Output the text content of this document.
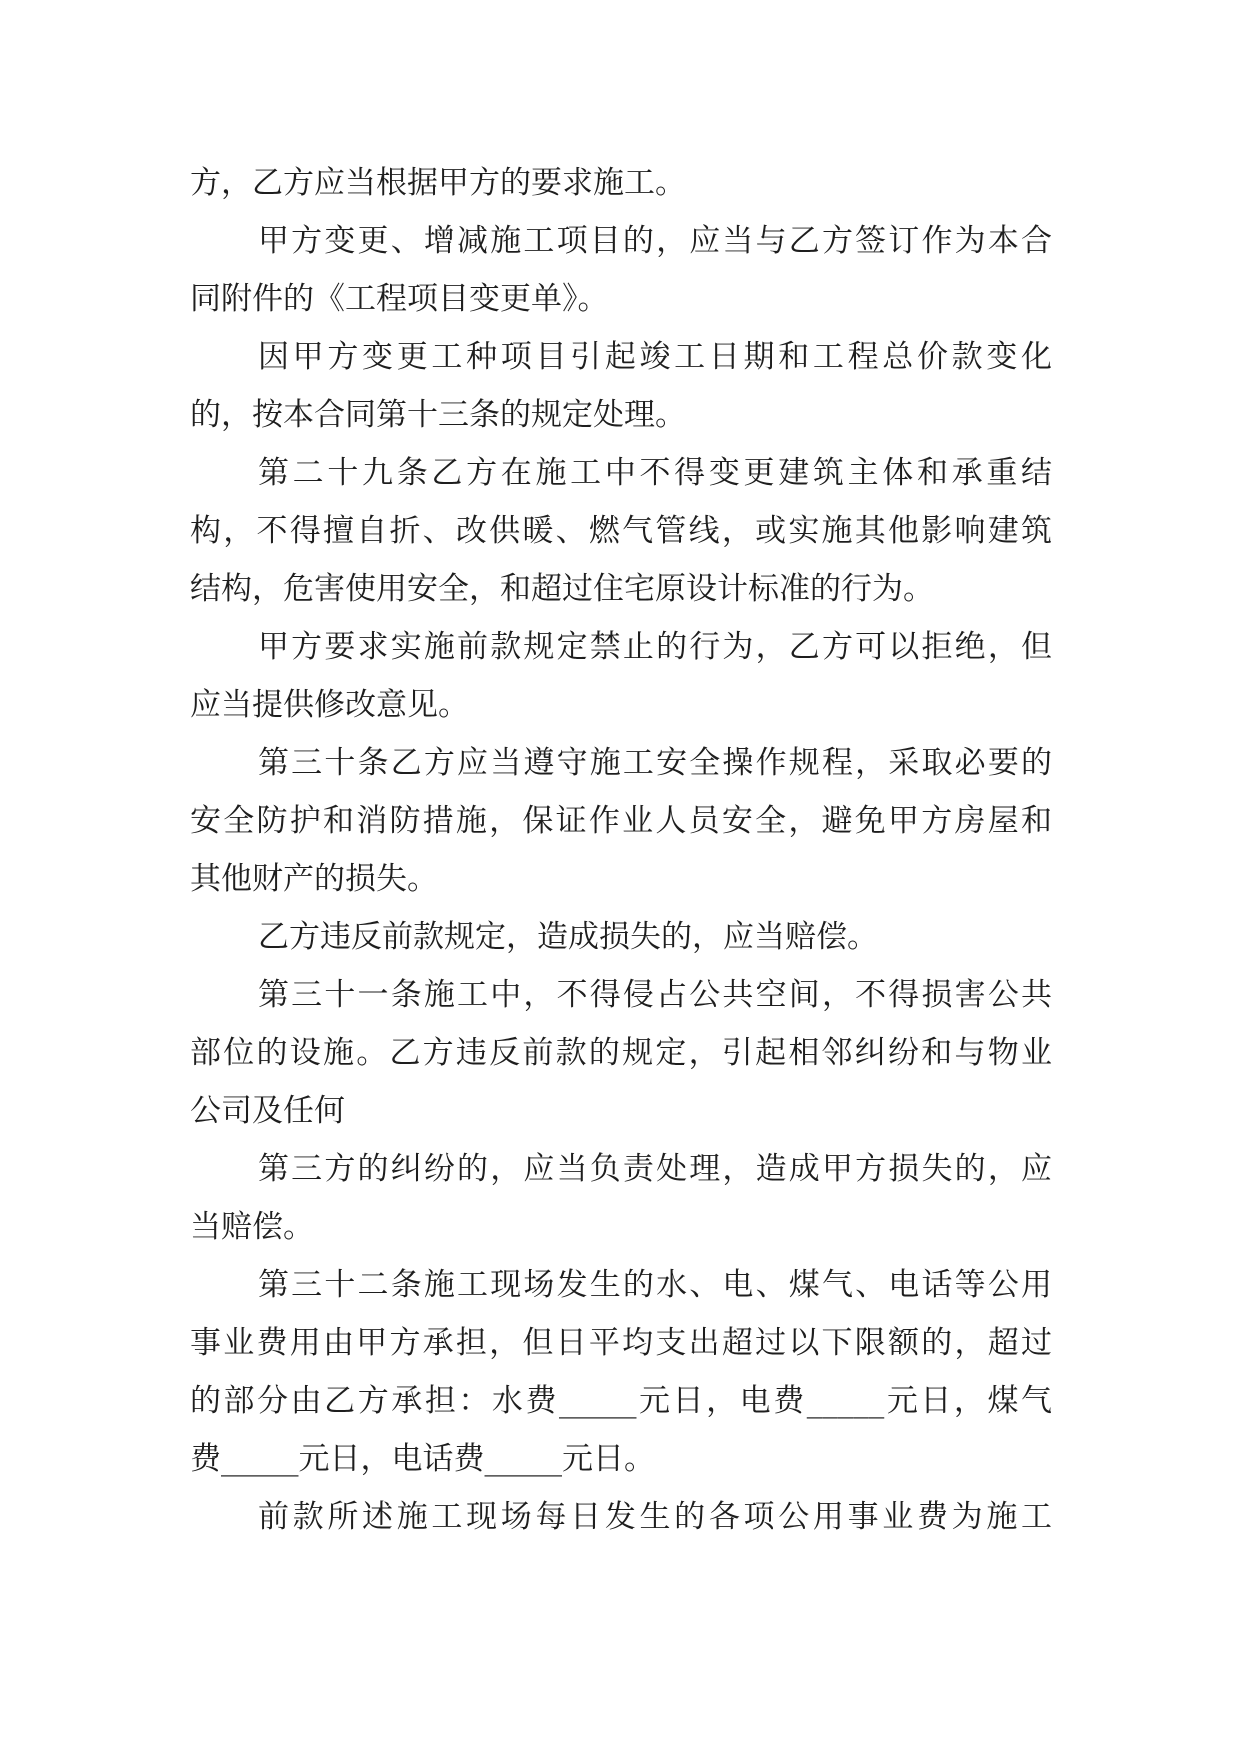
方，乙方应当根据甲方的要求施工。
甲方变更、增减施工项目的，应当与乙方签订作为本合
同附件的《工程项目变更单》。
因甲方变更工种项目引起竣工日期和工程总价款变化
的，按本合同第十三条的规定处理。
第二十九条乙方在施工中不得变更建筑主体和承重结
构，不得擅自折、改供暖、燃气管线，或实施其他影响建筑
结构，危害使用安全，和超过住宅原设计标准的行为。
甲方要求实施前款规定禁止的行为，乙方可以拒绝，但
应当提供修改意见。
第三十条乙方应当遵守施工安全操作规程，采取必要的
安全防护和消防措施，保证作业人员安全，避免甲方房屋和
其他财产的损失。
乙方违反前款规定，造成损失的，应当赔偿。
第三十一条施工中，不得侵占公共空间，不得损害公共
部位的设施。乙方违反前款的规定，引起相邻纠纷和与物业
公司及任何
第三方的纠纷的，应当负责处理，造成甲方损失的，应
当赔偿。
第三十二条施工现场发生的水、电、煤气、电话等公用
事业费用由甲方承担，但日平均支出超过以下限额的，超过
的部分由乙方承担：水费_____元日，电费_____元日，煤气
费_____元日，电话费_____元日。
前款所述施工现场每日发生的各项公用事业费为施工
